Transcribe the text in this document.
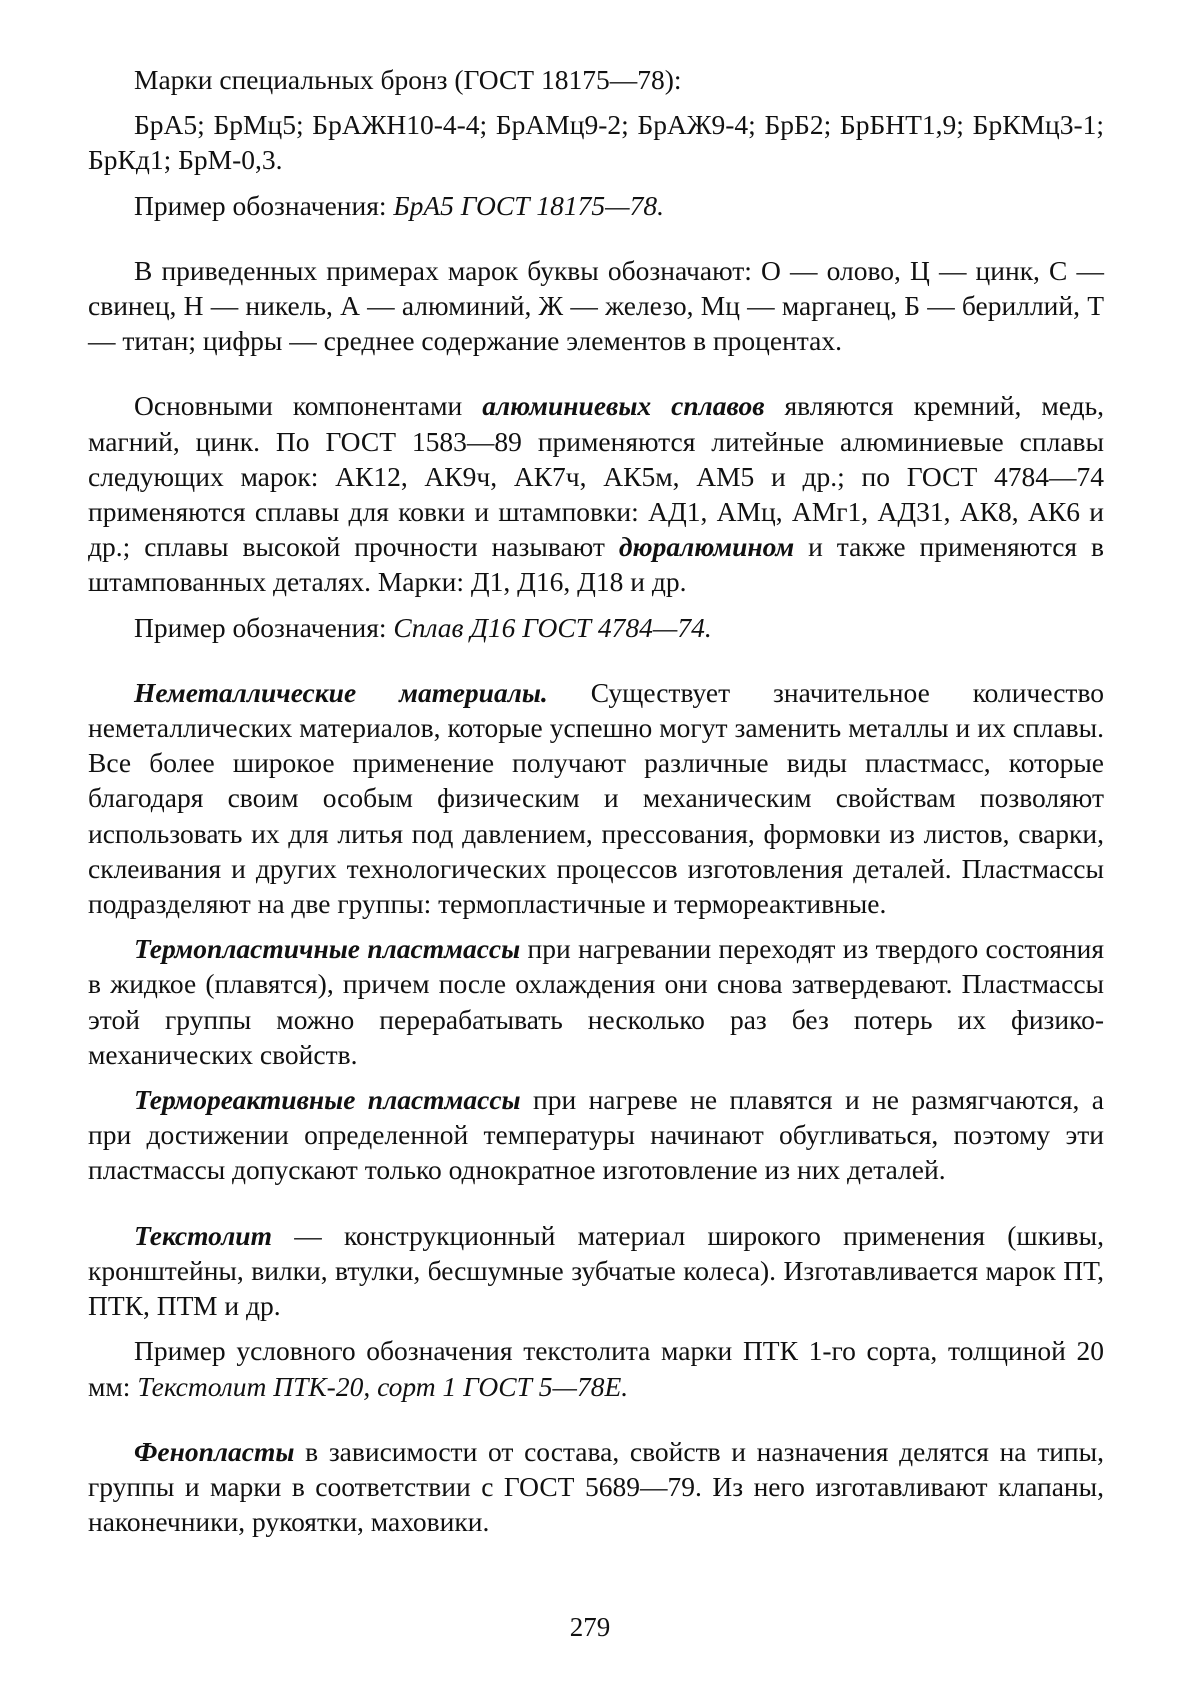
Марки специальных бронз (ГОСТ 18175—78):

БрА5; БрМц5; БрАЖН10-4-4; БрАМц9-2; БрАЖ9-4; БрБ2; БрБНТ1,9; БрКМц3-1; БрКд1; БрМ-0,3.

Пример обозначения: БрА5 ГОСТ 18175—78.

В приведенных примерах марок буквы обозначают: О — олово, Ц — цинк, С — свинец, Н — никель, А — алюминий, Ж — железо, Мц — марганец, Б — бериллий, Т — титан; цифры — среднее содержание элементов в процентах.

Основными компонентами алюминиевых сплавов являются кремний, медь, магний, цинк. По ГОСТ 1583—89 применяются литейные алюминиевые сплавы следующих марок: АК12, АК9ч, АК7ч, АК5м, АМ5 и др.; по ГОСТ 4784—74 применяются сплавы для ковки и штамповки: АД1, АМц, АМг1, АД31, АК8, АК6 и др.; сплавы высокой прочности называют дюралюмином и также применяются в штампованных деталях. Марки: Д1, Д16, Д18 и др.

Пример обозначения: Сплав Д16 ГОСТ 4784—74.

Неметаллические материалы. Существует значительное количество неметаллических материалов, которые успешно могут заменить металлы и их сплавы. Все более широкое применение получают различные виды пластмасс, которые благодаря своим особым физическим и механическим свойствам позволяют использовать их для литья под давлением, прессования, формовки из листов, сварки, склеивания и других технологических процессов изготовления деталей. Пластмассы подразделяют на две группы: термопластичные и термореактивные.

Термопластичные пластмассы при нагревании переходят из твердого состояния в жидкое (плавятся), причем после охлаждения они снова затвердевают. Пластмассы этой группы можно перерабатывать несколько раз без потерь их физико-механических свойств.

Термореактивные пластмассы при нагреве не плавятся и не размягчаются, а при достижении определенной температуры начинают обугливаться, поэтому эти пластмассы допускают только однократное изготовление из них деталей.

Текстолит — конструкционный материал широкого применения (шкивы, кронштейны, вилки, втулки, бесшумные зубчатые колеса). Изготавливается марок ПТ, ПТК, ПТМ и др.

Пример условного обозначения текстолита марки ПТК 1-го сорта, толщиной 20 мм: Текстолит ПТК-20, сорт 1 ГОСТ 5—78Е.

Фенопласты в зависимости от состава, свойств и назначения делятся на типы, группы и марки в соответствии с ГОСТ 5689—79. Из него изготавливают клапаны, наконечники, рукоятки, маховики.

279
